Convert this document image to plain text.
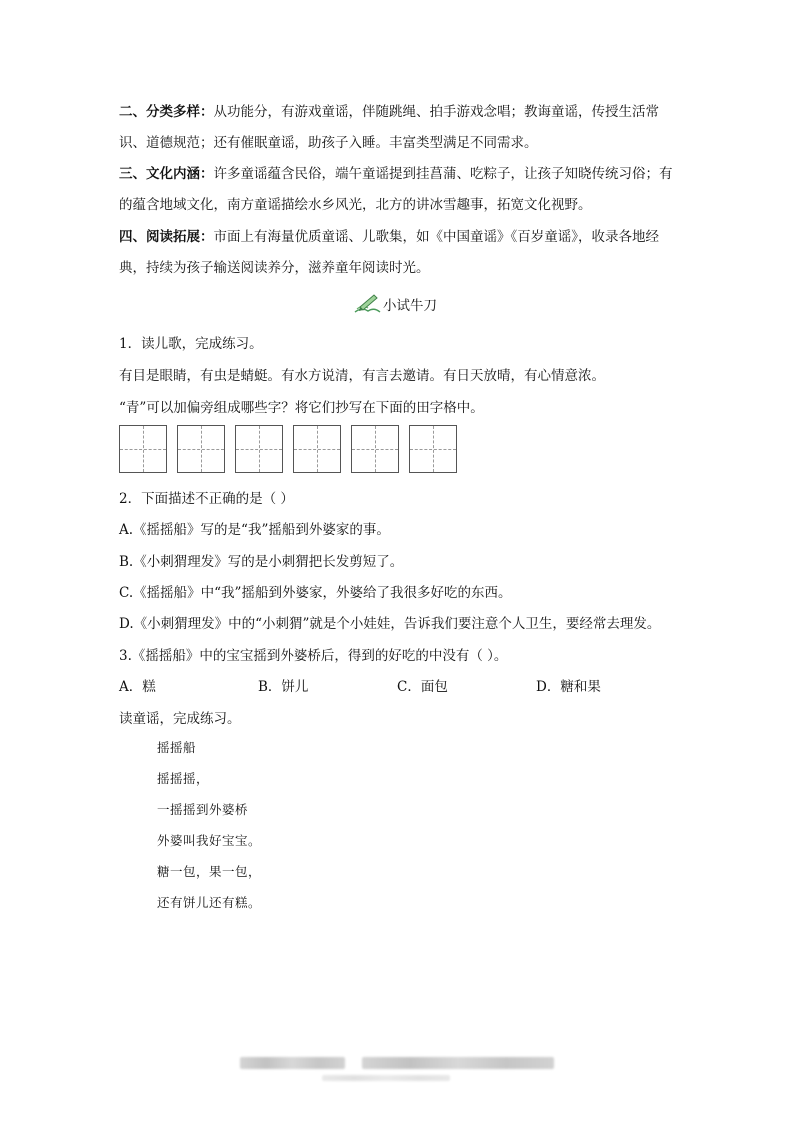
二、分类多样：从功能分，有游戏童谣，伴随跳绳、拍手游戏念唱；教诲童谣，传授生活常识、道德规范；还有催眠童谣，助孩子入睡。丰富类型满足不同需求。
三、文化内涵：许多童谣蕴含民俗，端午童谣提到挂菖蒲、吃粽子，让孩子知晓传统习俗；有的蕴含地域文化，南方童谣描绘水乡风光，北方的讲冰雪趣事，拓宽文化视野。
四、阅读拓展：市面上有海量优质童谣、儿歌集，如《中国童谣》《百岁童谣》，收录各地经典，持续为孩子输送阅读养分，滋养童年阅读时光。
小试牛刀
1．读儿歌，完成练习。
有目是眼睛，有虫是蜻蜓。有水方说清，有言去邀请。有日天放晴，有心情意浓。
“青”可以加偏旁组成哪些字？将它们抄写在下面的田字格中。
2．下面描述不正确的是（ ）
A.《摇摇船》写的是“我”摇船到外婆家的事。
B.《小刺猬理发》写的是小刺猬把长发剪短了。
C.《摇摇船》中“我”摇船到外婆家，外婆给了我很多好吃的东西。
D.《小刺猬理发》中的“小刺猬”就是个小娃娃，告诉我们要注意个人卫生，要经常去理发。
3.《摇摇船》中的宝宝摇到外婆桥后，得到的好吃的中没有（ ）。
A．糕	B．饼儿	C．面包	D．糖和果
读童谣，完成练习。
摇摇船
摇摇摇，
一摇摇到外婆桥
外婆叫我好宝宝。
糖一包，果一包，
还有饼儿还有糕。
